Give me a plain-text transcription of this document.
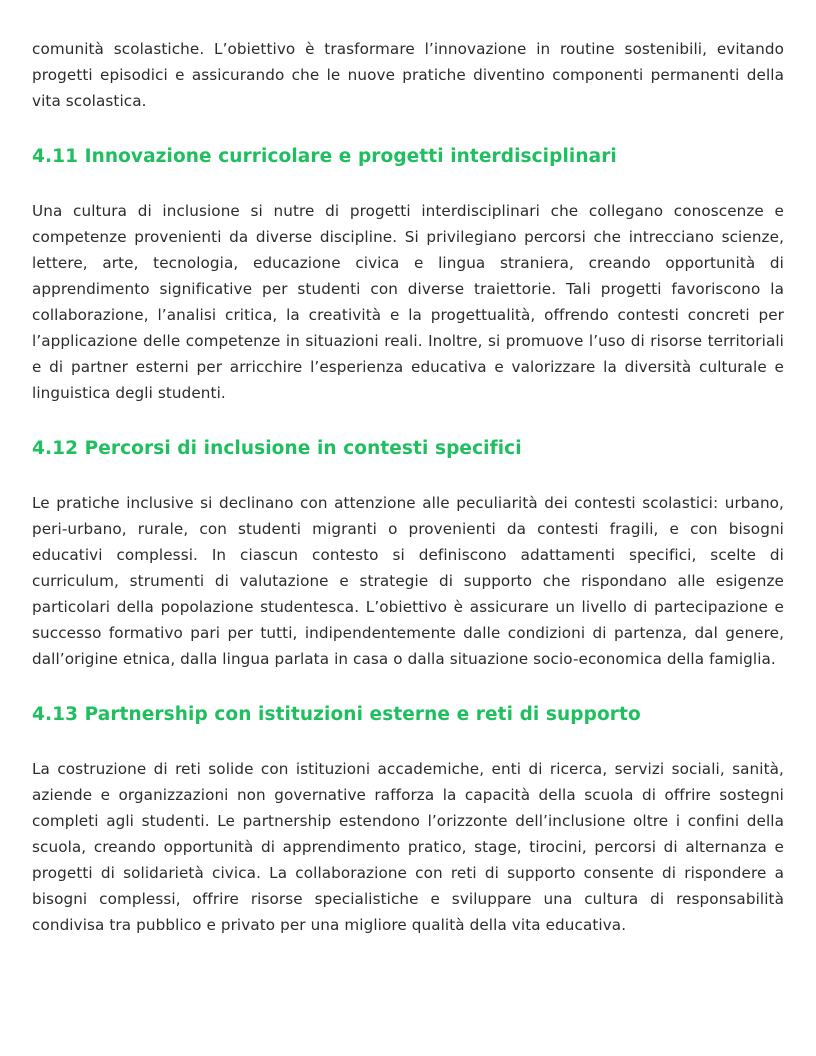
comunità scolastiche. L’obiettivo è trasformare l’innovazione in routine sostenibili, evitando progetti episodici e assicurando che le nuove pratiche diventino componenti permanenti della vita scolastica.

4.11 Innovazione curricolare e progetti interdisciplinari

Una cultura di inclusione si nutre di progetti interdisciplinari che collegano conoscenze e competenze provenienti da diverse discipline. Si privilegiano percorsi che intrecciano scienze, lettere, arte, tecnologia, educazione civica e lingua straniera, creando opportunità di apprendimento significative per studenti con diverse traiettorie. Tali progetti favoriscono la collaborazione, l’analisi critica, la creatività e la progettualità, offrendo contesti concreti per l’applicazione delle competenze in situazioni reali. Inoltre, si promuove l’uso di risorse territoriali e di partner esterni per arricchire l’esperienza educativa e valorizzare la diversità culturale e linguistica degli studenti.

4.12 Percorsi di inclusione in contesti specifici

Le pratiche inclusive si declinano con attenzione alle peculiarità dei contesti scolastici: urbano, peri-urbano, rurale, con studenti migranti o provenienti da contesti fragili, e con bisogni educativi complessi. In ciascun contesto si definiscono adattamenti specifici, scelte di curriculum, strumenti di valutazione e strategie di supporto che rispondano alle esigenze particolari della popolazione studentesca. L’obiettivo è assicurare un livello di partecipazione e successo formativo pari per tutti, indipendentemente dalle condizioni di partenza, dal genere, dall’origine etnica, dalla lingua parlata in casa o dalla situazione socio-economica della famiglia.

4.13 Partnership con istituzioni esterne e reti di supporto

La costruzione di reti solide con istituzioni accademiche, enti di ricerca, servizi sociali, sanità, aziende e organizzazioni non governative rafforza la capacità della scuola di offrire sostegni completi agli studenti. Le partnership estendono l’orizzonte dell’inclusione oltre i confini della scuola, creando opportunità di apprendimento pratico, stage, tirocini, percorsi di alternanza e progetti di solidarietà civica. La collaborazione con reti di supporto consente di rispondere a bisogni complessi, offrire risorse specialistiche e sviluppare una cultura di responsabilità condivisa tra pubblico e privato per una migliore qualità della vita educativa.
